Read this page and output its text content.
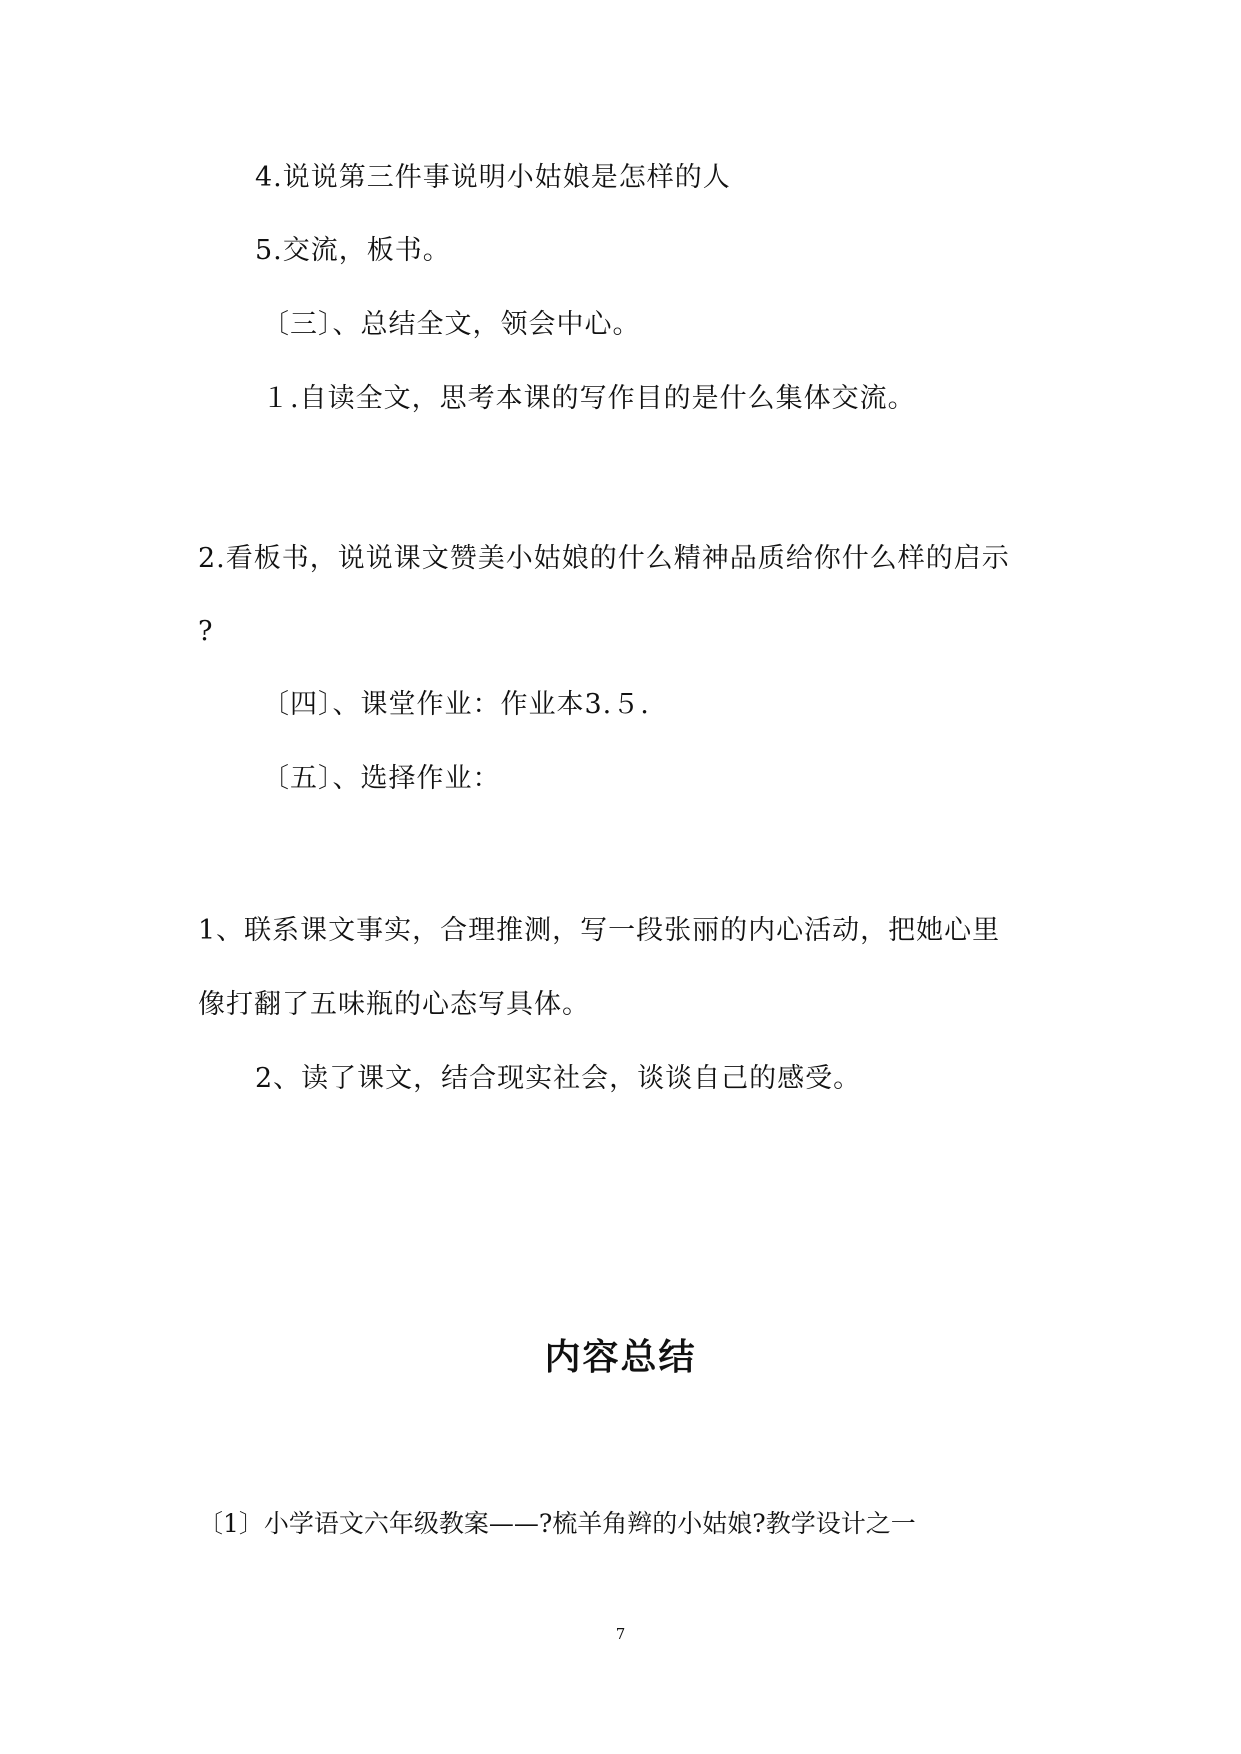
4.说说第三件事说明小姑娘是怎样的人
5.交流，板书。
〔三〕、总结全文，领会中心。
１.自读全文，思考本课的写作目的是什么集体交流。
2.看板书，说说课文赞美小姑娘的什么精神品质给你什么样的启示
?
〔四〕、课堂作业：作业本3.５.
〔五〕、选择作业：
1、联系课文事实，合理推测，写一段张丽的内心活动，把她心里
像打翻了五味瓶的心态写具体。
2、读了课文，结合现实社会，谈谈自己的感受。
内容总结
〔1〕小学语文六年级教案——?梳羊角辫的小姑娘?教学设计之一
7
